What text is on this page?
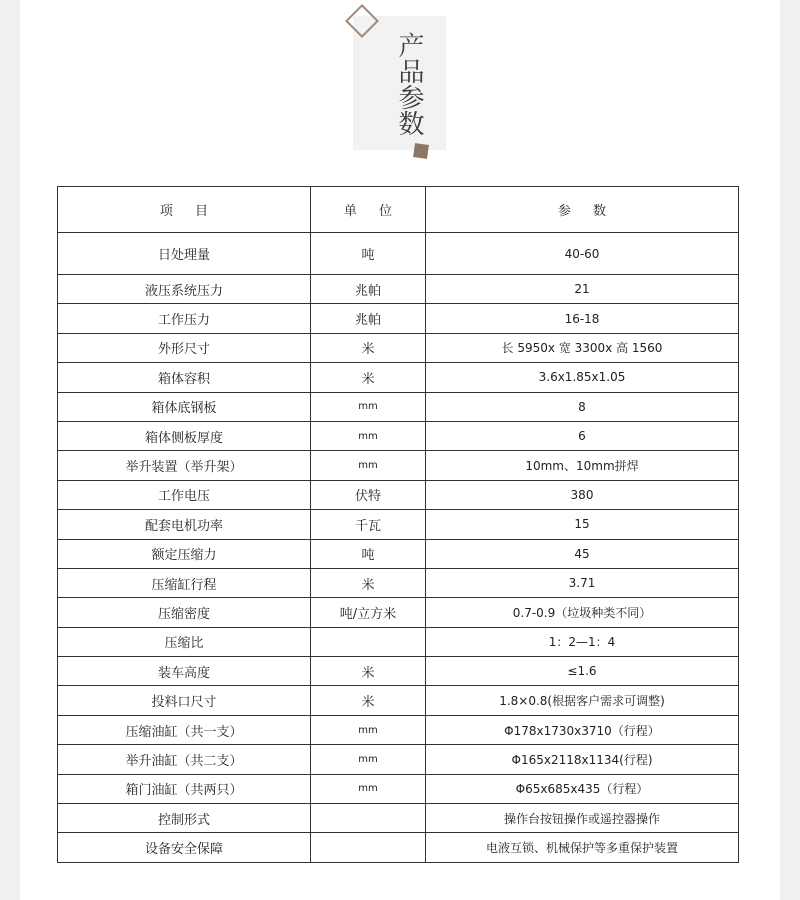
产品参数
项 目	单 位	参 数
日处理量	吨	40-60
液压系统压力	兆帕	21
工作压力	兆帕	16-18
外形尺寸	米	长 5950x 宽 3300x 高 1560
箱体容积	米	3.6x1.85x1.05
箱体底钢板	mm	8
箱体侧板厚度	mm	6
举升装置（举升架）	mm	10mm、10mm拼焊
工作电压	伏特	380
配套电机功率	千瓦	15
额定压缩力	吨	45
压缩缸行程	米	3.71
压缩密度	吨/立方米	0.7-0.9（垃圾种类不同）
压缩比		1：2—1：4
装车高度	米	≤1.6
投料口尺寸	米	1.8×0.8(根据客户需求可调整)
压缩油缸（共一支）	mm	Φ178x1730x3710（行程）
举升油缸（共二支）	mm	Φ165x2118x1134(行程)
箱门油缸（共两只）	mm	Φ65x685x435（行程）
控制形式		操作台按钮操作或遥控器操作
设备安全保障		电液互锁、机械保护等多重保护装置
